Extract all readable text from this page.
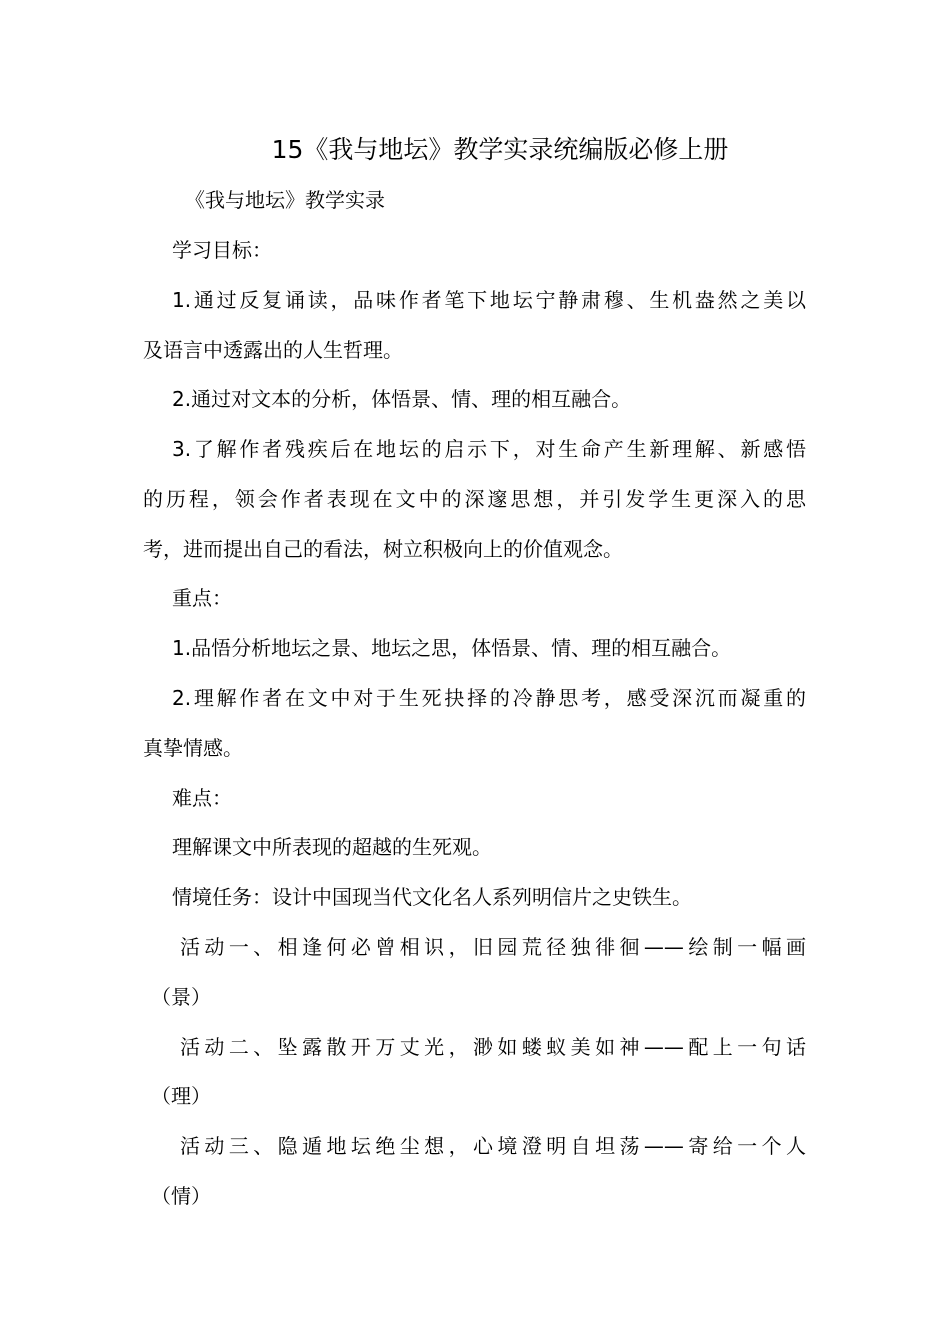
15《我与地坛》教学实录统编版必修上册
《我与地坛》教学实录
学习目标：
1.通过反复诵读，品味作者笔下地坛宁静肃穆、生机盎然之美以
及语言中透露出的人生哲理。
2.通过对文本的分析，体悟景、情、理的相互融合。
3.了解作者残疾后在地坛的启示下，对生命产生新理解、新感悟
的历程，领会作者表现在文中的深邃思想，并引发学生更深入的思
考，进而提出自己的看法，树立积极向上的价值观念。
重点：
1.品悟分析地坛之景、地坛之思，体悟景、情、理的相互融合。
2.理解作者在文中对于生死抉择的冷静思考，感受深沉而凝重的
真挚情感。
难点：
理解课文中所表现的超越的生死观。
情境任务：设计中国现当代文化名人系列明信片之史铁生。
活动一、相逢何必曾相识，旧园荒径独徘徊——绘制一幅画
（景）
活动二、坠露散开万丈光，渺如蝼蚁美如神——配上一句话
（理）
活动三、隐遁地坛绝尘想，心境澄明自坦荡——寄给一个人
（情）
